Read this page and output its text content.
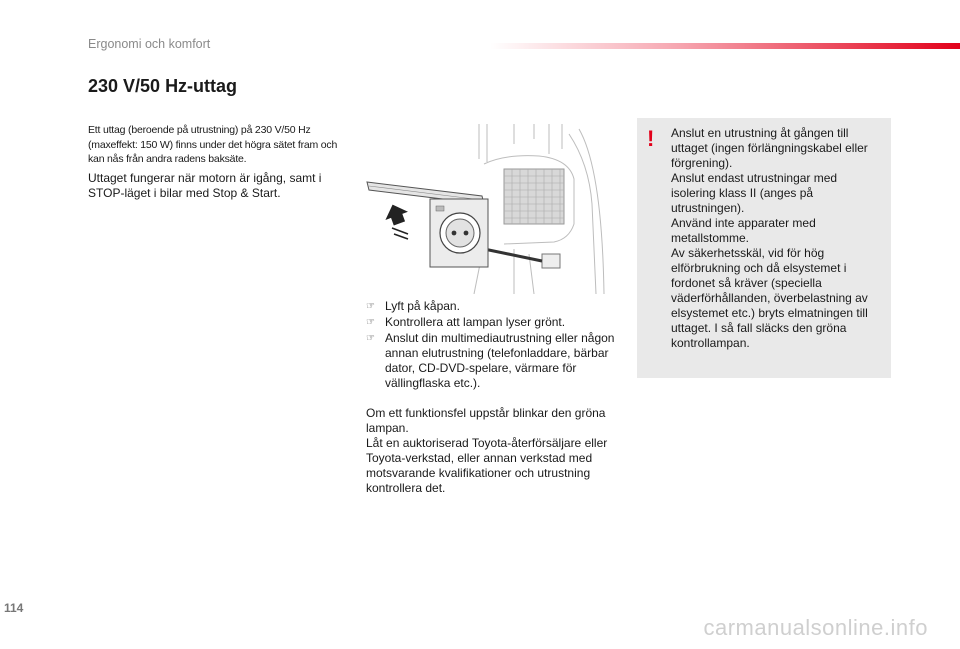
Ergonomi och komfort
230 V/50 Hz-uttag
Ett uttag (beroende på utrustning) på 230 V/50 Hz (maxeffekt: 150 W) finns under det högra sätet fram och kan nås från andra radens baksäte.
Uttaget fungerar när motorn är igång, samt i STOP-läget i bilar med Stop & Start.
☞ Lyft på kåpan.
☞ Kontrollera att lampan lyser grönt.
☞ Anslut din multimediautrustning eller någon annan elutrustning (telefonladdare, bärbar dator, CD-DVD-spelare, värmare för vällingflaska etc.).

Om ett funktionsfel uppstår blinkar den gröna lampan.

Låt en auktoriserad Toyota-återförsäljare eller Toyota-verkstad, eller annan verkstad med motsvarande kvalifikationer och utrustning kontrollera det.

! Anslut en utrustning åt gången till uttaget (ingen förlängningskabel eller förgrening).

Anslut endast utrustningar med isolering klass II (anges på utrustningen).

Använd inte apparater med metallstomme.

Av säkerhetsskäl, vid för hög elförbrukning och då elsystemet i fordonet så kräver (speciella väderförhållanden, överbelastning av elsystemet etc.) bryts elmatningen till uttaget. I så fall släcks den gröna kontrollampan.

114
carmanualsonline.info
